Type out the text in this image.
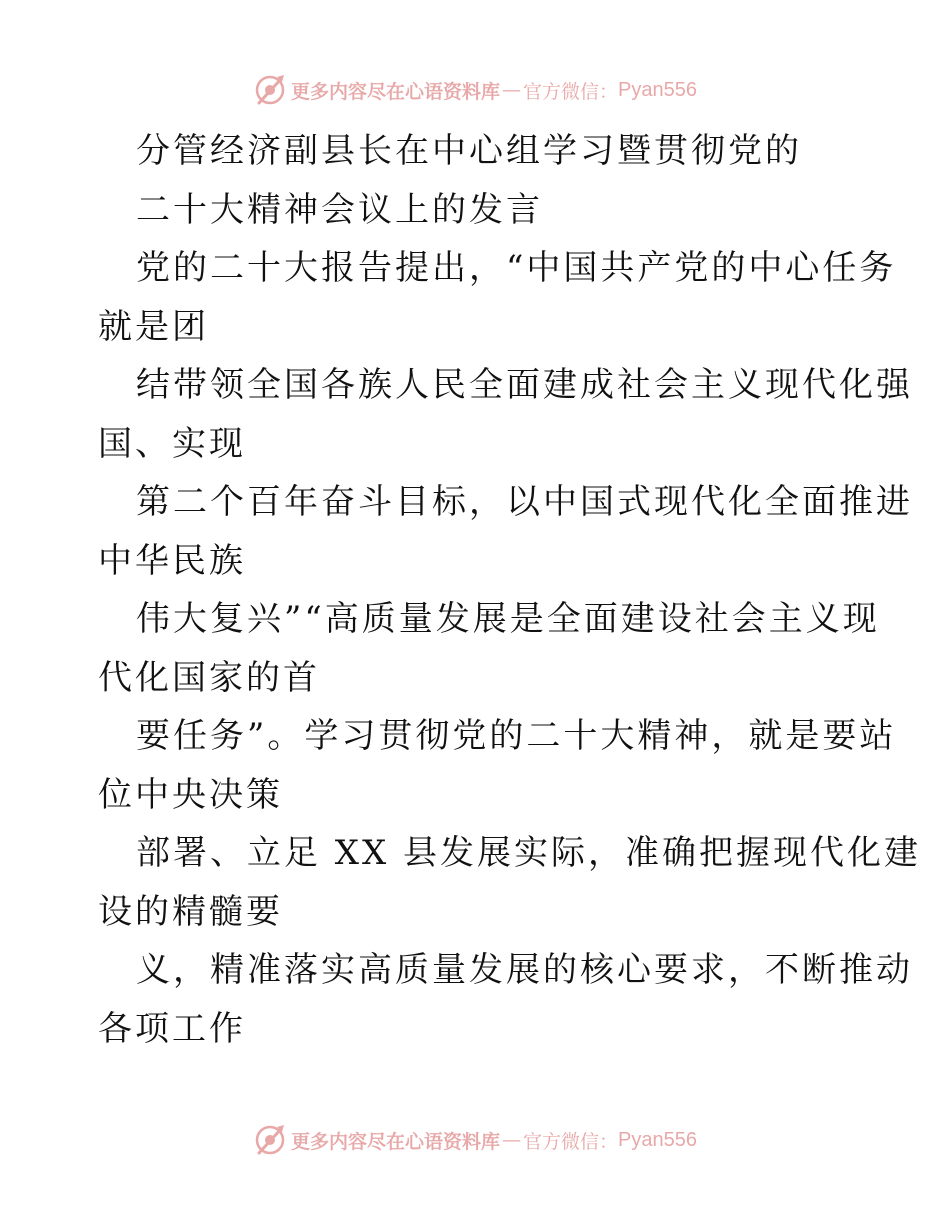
更多内容尽在心语资料库 — 官方微信： Pyan556
分管经济副县长在中心组学习暨贯彻党的
二十大精神会议上的发言
党的二十大报告提出，“中国共产党的中心任务
就是团
结带领全国各族人民全面建成社会主义现代化强
国、实现
第二个百年奋斗目标，以中国式现代化全面推进
中华民族
伟大复兴”“高质量发展是全面建设社会主义现
代化国家的首
要任务”。学习贯彻党的二十大精神，就是要站
位中央决策
部署、立足 XX 县发展实际，准确把握现代化建
设的精髓要
义，精准落实高质量发展的核心要求，不断推动
各项工作
更多内容尽在心语资料库 — 官方微信： Pyan556
